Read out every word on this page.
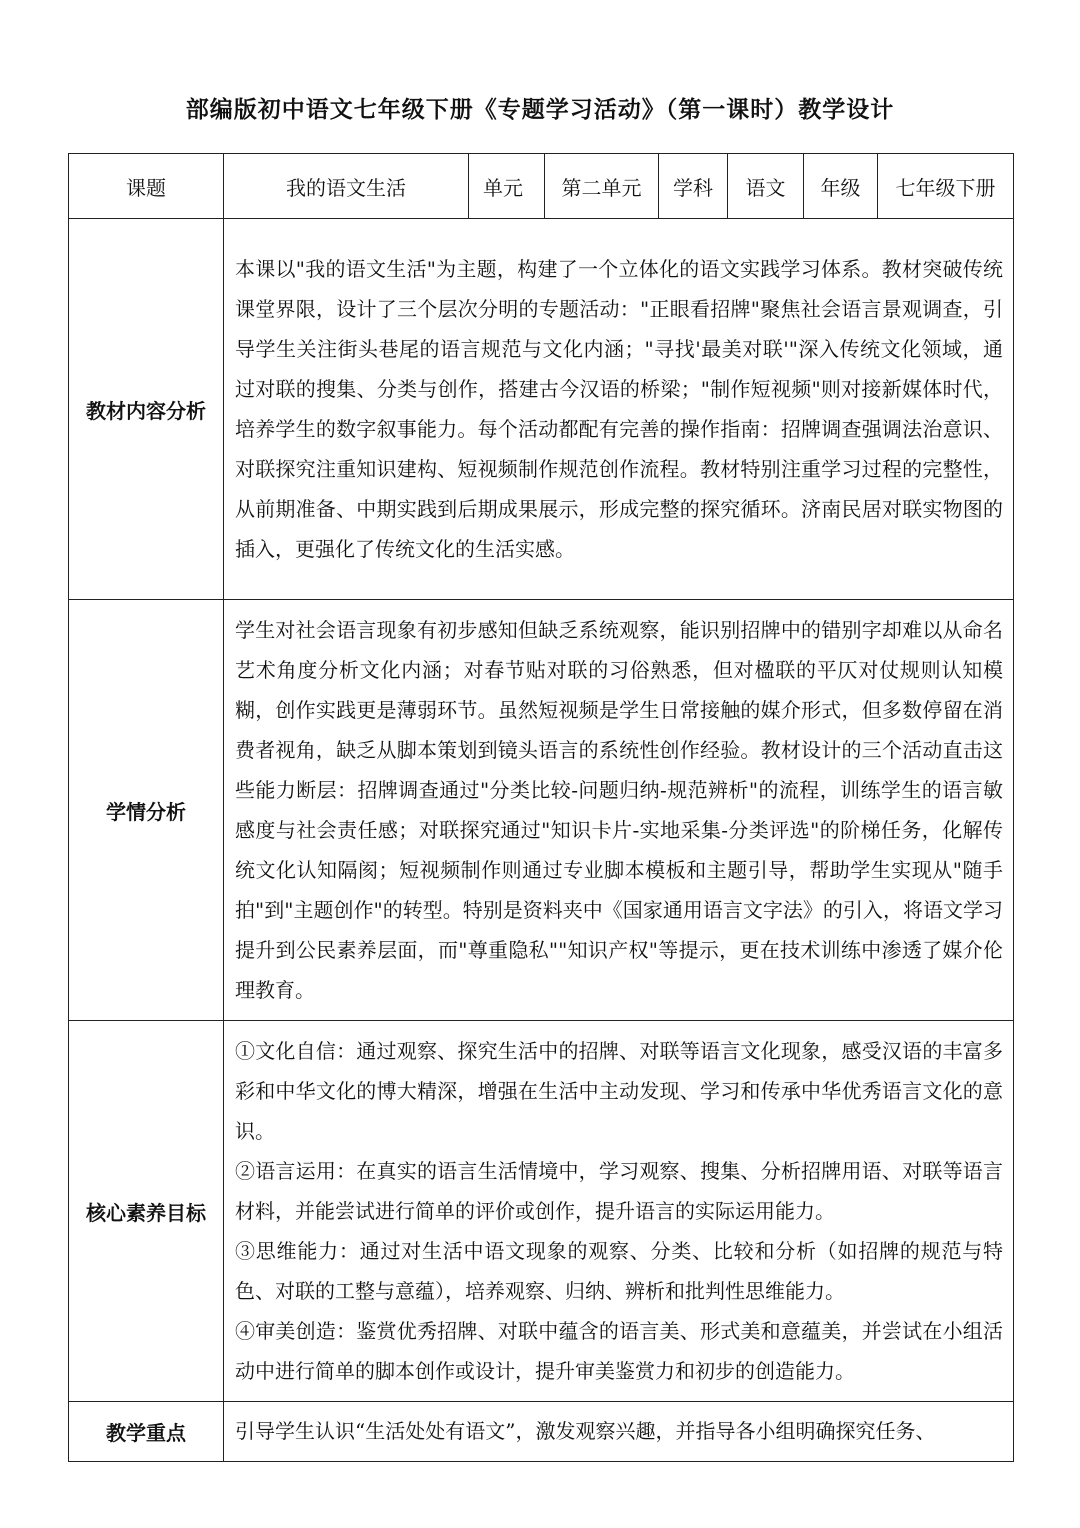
部编版初中语文七年级下册《专题学习活动》（第一课时）教学设计
课题	我的语文生活	单元	第二单元	学科	语文	年级	七年级下册
教材内容分析	本课以"我的语文生活"为主题，构建了一个立体化的语文实践学习体系。教材突破传统课堂界限，设计了三个层次分明的专题活动："正眼看招牌"聚焦社会语言景观调查，引导学生关注街头巷尾的语言规范与文化内涵；"寻找'最美对联'"深入传统文化领域，通过对联的搜集、分类与创作，搭建古今汉语的桥梁；"制作短视频"则对接新媒体时代，培养学生的数字叙事能力。每个活动都配有完善的操作指南：招牌调查强调法治意识、对联探究注重知识建构、短视频制作规范创作流程。教材特别注重学习过程的完整性，从前期准备、中期实践到后期成果展示，形成完整的探究循环。济南民居对联实物图的插入，更强化了传统文化的生活实感。						

学情分析	学生对社会语言现象有初步感知但缺乏系统观察，能识别招牌中的错别字却难以从命名艺术角度分析文化内涵；对春节贴对联的习俗熟悉，但对楹联的平仄对仗规则认知模糊，创作实践更是薄弱环节。虽然短视频是学生日常接触的媒介形式，但多数停留在消费者视角，缺乏从脚本策划到镜头语言的系统性创作经验。教材设计的三个活动直击这些能力断层：招牌调查通过"分类比较-问题归纳-规范辨析"的流程，训练学生的语言敏感度与社会责任感；对联探究通过"知识卡片-实地采集-分类评选"的阶梯任务，化解传统文化认知隔阂；短视频制作则通过专业脚本模板和主题引导，帮助学生实现从"随手拍"到"主题创作"的转型。特别是资料夹中《国家通用语言文字法》的引入，将语文学习提升到公民素养层面，而"尊重隐私""知识产权"等提示，更在技术训练中渗透了媒介伦理教育。						

核心素养目标	①文化自信：通过观察、探究生活中的招牌、对联等语言文化现象，感受汉语的丰富多彩和中华文化的博大精深，增强在生活中主动发现、学习和传承中华优秀语言文化的意识。

②语言运用：在真实的语言生活情境中，学习观察、搜集、分析招牌用语、对联等语言材料，并能尝试进行简单的评价或创作，提升语言的实际运用能力。

③思维能力：通过对生活中语文现象的观察、分类、比较和分析（如招牌的规范与特色、对联的工整与意蕴），培养观察、归纳、辨析和批判性思维能力。

④审美创造：鉴赏优秀招牌、对联中蕴含的语言美、形式美和意蕴美，并尝试在小组活动中进行简单的脚本创作或设计，提升审美鉴赏力和初步的创造能力。						

教学重点	引导学生认识“生活处处有语文”，激发观察兴趣，并指导各小组明确探究任务、						
